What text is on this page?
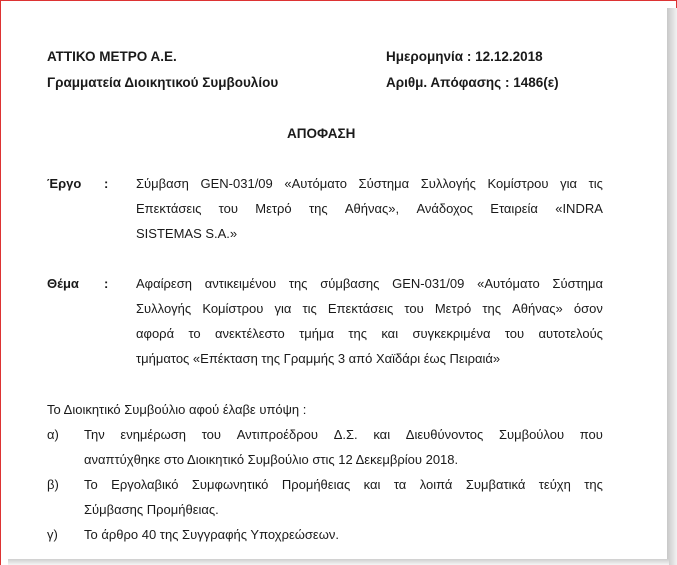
ΑΤΤΙΚΟ ΜΕΤΡΟ Α.Ε.
Γραμματεία Διοικητικού Συμβουλίου
Ημερομηνία : 12.12.2018
Αριθμ. Απόφασης : 1486(ε)
ΑΠΟΦΑΣΗ
Έργο : Σύμβαση GEN-031/09 «Αυτόματο Σύστημα Συλλογής Κομίστρου για τις
Επεκτάσεις του Μετρό της Αθήνας», Ανάδοχος Εταιρεία «INDRA
SISTEMAS S.A.»
Θέμα : Αφαίρεση αντικειμένου της σύμβασης GEN-031/09 «Αυτόματο Σύστημα
Συλλογής Κομίστρου για τις Επεκτάσεις του Μετρό της Αθήνας» όσον
αφορά το ανεκτέλεστο τμήμα της και συγκεκριμένα του αυτοτελούς
τμήματος «Επέκταση της Γραμμής 3 από Χαϊδάρι έως Πειραιά»
Το Διοικητικό Συμβούλιο αφού έλαβε υπόψη :
α) Την ενημέρωση του Αντιπροέδρου Δ.Σ. και Διευθύνοντος Συμβούλου που
αναπτύχθηκε στο Διοικητικό Συμβούλιο στις 12 Δεκεμβρίου 2018.
β) Το Εργολαβικό Συμφωνητικό Προμήθειας και τα λοιπά Συμβατικά τεύχη της
Σύμβασης Προμήθειας.
γ) Το άρθρο 40 της Συγγραφής Υποχρεώσεων.
